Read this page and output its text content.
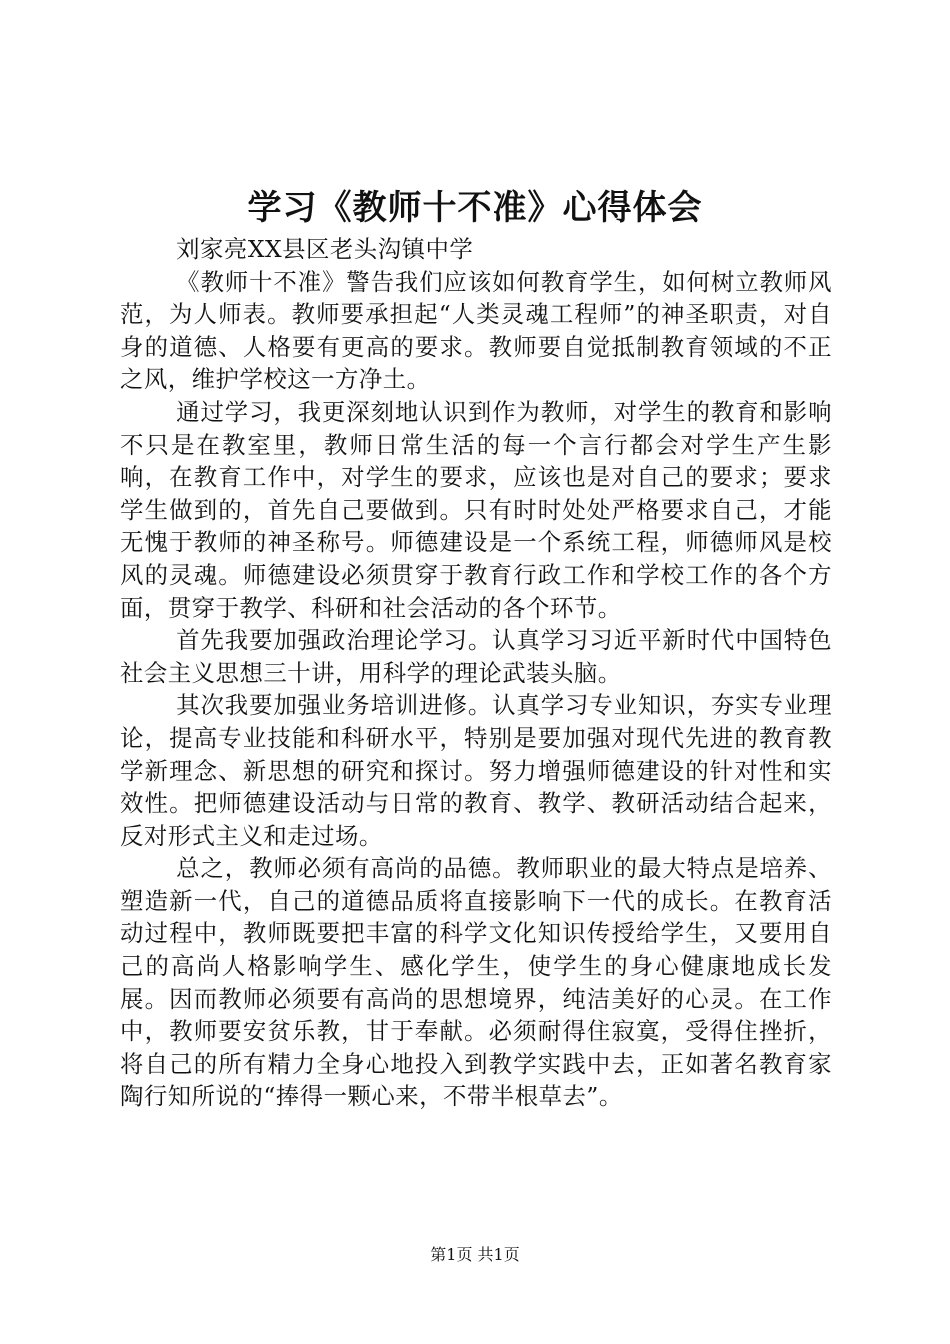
学习《教师十不准》心得体会

刘家亮XX县区老头沟镇中学

《教师十不准》警告我们应该如何教育学生，如何树立教师风范，为人师表。教师要承担起“人类灵魂工程师”的神圣职责，对自身的道德、人格要有更高的要求。教师要自觉抵制教育领域的不正之风，维护学校这一方净土。

通过学习，我更深刻地认识到作为教师，对学生的教育和影响不只是在教室里，教师日常生活的每一个言行都会对学生产生影响，在教育工作中，对学生的要求，应该也是对自己的要求；要求学生做到的，首先自己要做到。只有时时处处严格要求自己，才能无愧于教师的神圣称号。师德建设是一个系统工程，师德师风是校风的灵魂。师德建设必须贯穿于教育行政工作和学校工作的各个方面，贯穿于教学、科研和社会活动的各个环节。

首先我要加强政治理论学习。认真学习习近平新时代中国特色社会主义思想三十讲，用科学的理论武装头脑。

其次我要加强业务培训进修。认真学习专业知识，夯实专业理论，提高专业技能和科研水平，特别是要加强对现代先进的教育教学新理念、新思想的研究和探讨。努力增强师德建设的针对性和实效性。把师德建设活动与日常的教育、教学、教研活动结合起来，反对形式主义和走过场。

总之，教师必须有高尚的品德。教师职业的最大特点是培养、塑造新一代，自己的道德品质将直接影响下一代的成长。在教育活动过程中，教师既要把丰富的科学文化知识传授给学生，又要用自己的高尚人格影响学生、感化学生，使学生的身心健康地成长发展。因而教师必须要有高尚的思想境界，纯洁美好的心灵。在工作中，教师要安贫乐教，甘于奉献。必须耐得住寂寞，受得住挫折，将自己的所有精力全身心地投入到教学实践中去，正如著名教育家陶行知所说的“捧得一颗心来，不带半根草去”。

第1页 共1页
